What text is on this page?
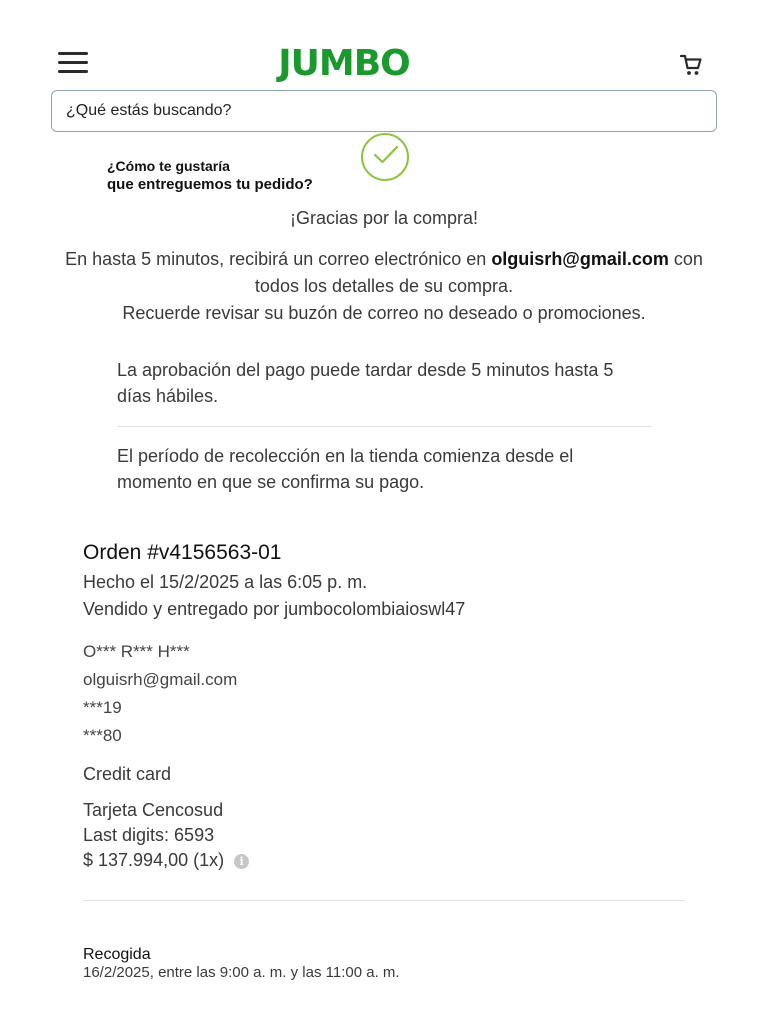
JUMBO
¿Qué estás buscando?
¿Cómo te gustaría
que entreguemos tu pedido?
¡Gracias por la compra!
En hasta 5 minutos, recibirá un correo electrónico en olguisrh@gmail.com con todos los detalles de su compra.
Recuerde revisar su buzón de correo no deseado o promociones.
La aprobación del pago puede tardar desde 5 minutos hasta 5 días hábiles.
El período de recolección en la tienda comienza desde el momento en que se confirma su pago.
Orden #v4156563-01
Hecho el 15/2/2025 a las 6:05 p. m.
Vendido y entregado por jumbocolombiaioswl47
O*** R*** H***
olguisrh@gmail.com
***19
***80
Credit card
Tarjeta Cencosud
Last digits: 6593
$ 137.994,00 (1x) i
Recogida
16/2/2025, entre las 9:00 a. m. y las 11:00 a. m.
